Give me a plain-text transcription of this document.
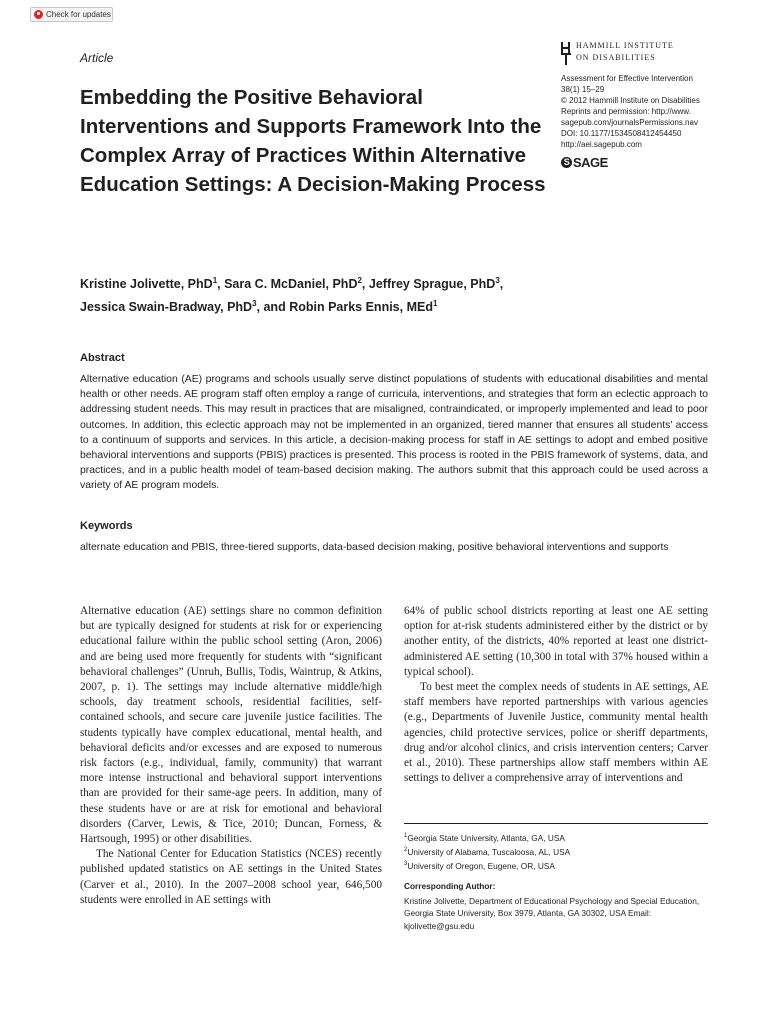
Check for updates
Article
HAMMILL INSTITUTE
ON DISABILITIES
Assessment for Effective Intervention
38(1) 15–29
© 2012 Hammill Institute on Disabilities
Reprints and permission: http://www.
sagepub.com/journalsPermissions.nav
DOI: 10.1177/1534508412454450
http://aei.sagepub.com
S SAGE
Embedding the Positive Behavioral Interventions and Supports Framework Into the Complex Array of Practices Within Alternative Education Settings: A Decision-Making Process

Kristine Jolivette, PhD$^1$, Sara C. McDaniel, PhD$^2$, Jeffrey Sprague, PhD$^3$,
Jessica Swain-Bradway, PhD$^3$, and Robin Parks Ennis, MEd$^1$

Abstract

Alternative education (AE) programs and schools usually serve distinct populations of students with educational disabilities and mental health or other needs. AE program staff often employ a range of curricula, interventions, and strategies that form an eclectic approach to addressing student needs. This may result in practices that are misaligned, contraindicated, or improperly implemented and lead to poor outcomes. In addition, this eclectic approach may not be implemented in an organized, tiered manner that ensures all students’ access to a continuum of supports and services. In this article, a decision-making process for staff in AE settings to adopt and embed positive behavioral interventions and supports (PBIS) practices is presented. This process is rooted in the PBIS framework of systems, data, and practices, and in a public health model of team-based decision making. The authors submit that this approach could be used across a variety of AE program models.

Keywords

alternate education and PBIS, three-tiered supports, data-based decision making, positive behavioral interventions and supports

Alternative education (AE) settings share no common definition but are typically designed for students at risk for or experiencing educational failure within the public school setting (Aron, 2006) and are being used more frequently for students with “significant behavioral challenges” (Unruh, Bullis, Todis, Waintrup, & Atkins, 2007, p. 1). The settings may include alternative middle/high schools, day treatment schools, residential facilities, self-contained schools, and secure care juvenile justice facilities. The students typically have complex educational, mental health, and behavioral deficits and/or excesses and are exposed to numerous risk factors (e.g., individual, family, community) that warrant more intense instructional and behavioral support interventions than are provided for their same-age peers. In addition, many of these students have or are at risk for emotional and behavioral disorders (Carver, Lewis, & Tice, 2010; Duncan, Forness, & Hartsough, 1995) or other disabilities.

The National Center for Education Statistics (NCES) recently published updated statistics on AE settings in the United States (Carver et al., 2010). In the 2007–2008 school year, 646,500 students were enrolled in AE settings with

64% of public school districts reporting at least one AE setting option for at-risk students administered either by the district or by another entity, of the districts, 40% reported at least one district-administered AE setting (10,300 in total with 37% housed within a typical school).

To best meet the complex needs of students in AE settings, AE staff members have reported partnerships with various agencies (e.g., Departments of Juvenile Justice, community mental health agencies, child protective services, police or sheriff departments, drug and/or alcohol clinics, and crisis intervention centers; Carver et al., 2010). These partnerships allow staff members within AE settings to deliver a comprehensive array of interventions and

$^1$Georgia State University, Atlanta, GA, USA
$^2$University of Alabama, Tuscaloosa, AL, USA
$^3$University of Oregon, Eugene, OR, USA
Corresponding Author:

Kristine Jolivette, Department of Educational Psychology and Special Education, Georgia State University, Box 3979, Atlanta, GA 30302, USA Email: kjolivette@gsu.edu
